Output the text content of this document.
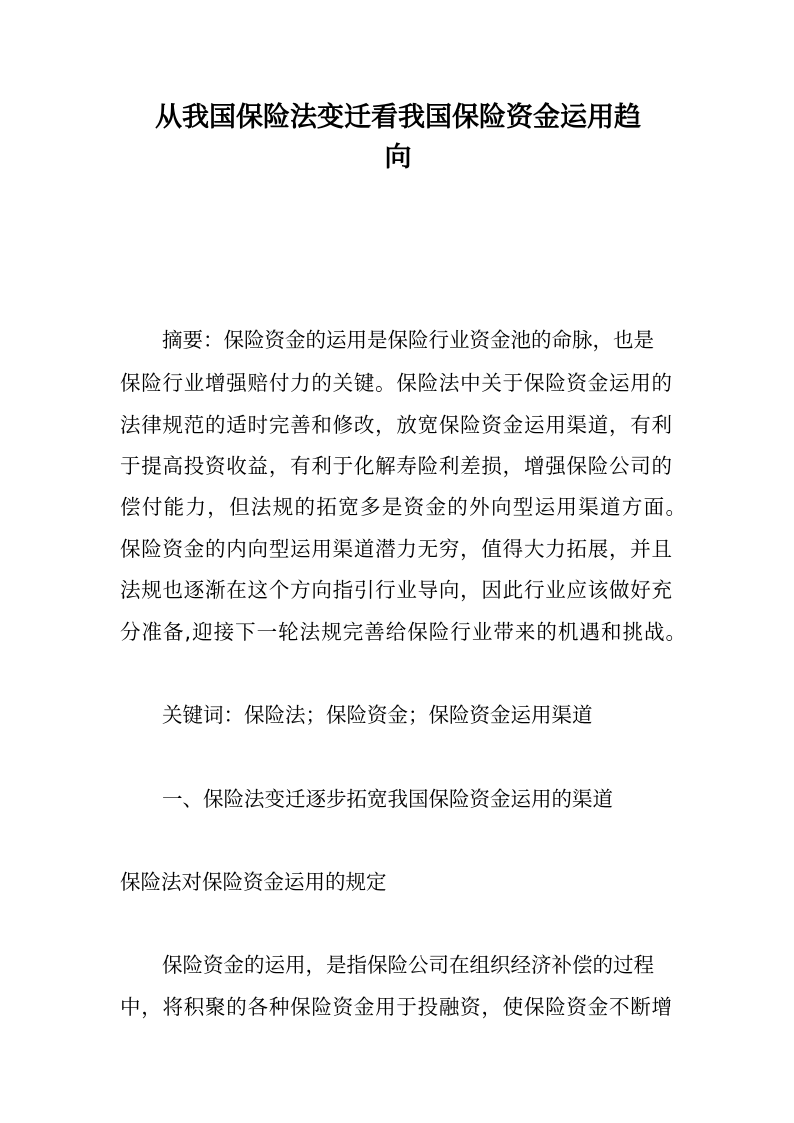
从我国保险法变迁看我国保险资金运用趋
向
摘要：保险资金的运用是保险行业资金池的命脉，也是
保险行业增强赔付力的关键。保险法中关于保险资金运用的
法律规范的适时完善和修改，放宽保险资金运用渠道，有利
于提高投资收益，有利于化解寿险利差损，增强保险公司的
偿付能力，但法规的拓宽多是资金的外向型运用渠道方面。
保险资金的内向型运用渠道潜力无穷，值得大力拓展，并且
法规也逐渐在这个方向指引行业导向，因此行业应该做好充
分准备,迎接下一轮法规完善给保险行业带来的机遇和挑战。
关键词：保险法；保险资金；保险资金运用渠道
一、保险法变迁逐步拓宽我国保险资金运用的渠道
保险法对保险资金运用的规定
保险资金的运用，是指保险公司在组织经济补偿的过程
中，将积聚的各种保险资金用于投融资，使保险资金不断增
